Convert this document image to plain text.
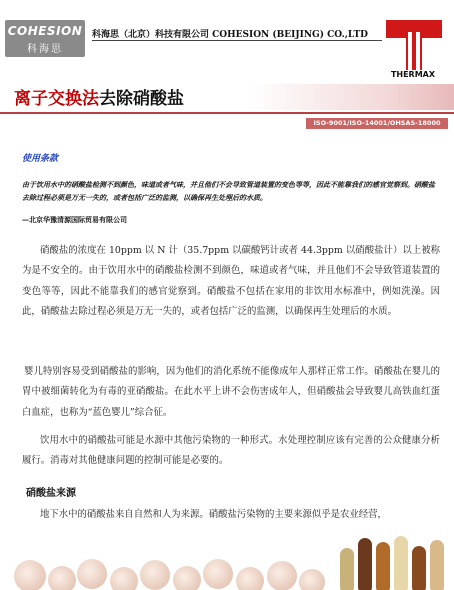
COHESION
科海思
科海思（北京）科技有限公司 COHESION (BEIJING) CO.,LTD
THERMAX
离子交换法去除硝酸盐
ISO-9001/ISO-14001/OHSAS-18000
使用条款
由于饮用水中的硝酸盐检测不到颜色，味道或者气味，并且他们不会导致管道装置的变色等等，因此不能靠我们的感官觉察到。硝酸盐去除过程必须是万无一失的，或者包括广泛的监测，以确保再生处理后的水质。
—北京华豫清源国际贸易有限公司
硝酸盐的浓度在 10ppm 以 N 计（35.7ppm 以碳酸钙计或者 44.3ppm 以硝酸盐计）以上被称为是不安全的。由于饮用水中的硝酸盐检测不到颜色，味道或者气味，并且他们不会导致管道装置的变色等等，因此不能靠我们的感官觉察到。硝酸盐不包括在家用的非饮用水标准中，例如洗澡。因此，硝酸盐去除过程必须是万无一失的，或者包括广泛的监测，以确保再生处理后的水质。
婴儿特别容易受到硝酸盐的影响，因为他们的消化系统不能像成年人那样正常工作。硝酸盐在婴儿的胃中被细菌转化为有毒的亚硝酸盐。在此水平上讲不会伤害成年人，但硝酸盐会导致婴儿高铁血红蛋白血症，也称为“蓝色婴儿”综合征。
饮用水中的硝酸盐可能是水源中其他污染物的一种形式。水处理控制应该有完善的公众健康分析履行。消毒对其他健康问题的控制可能是必要的。
硝酸盐来源
地下水中的硝酸盐来自自然和人为来源。硝酸盐污染物的主要来源似乎是农业经营，
